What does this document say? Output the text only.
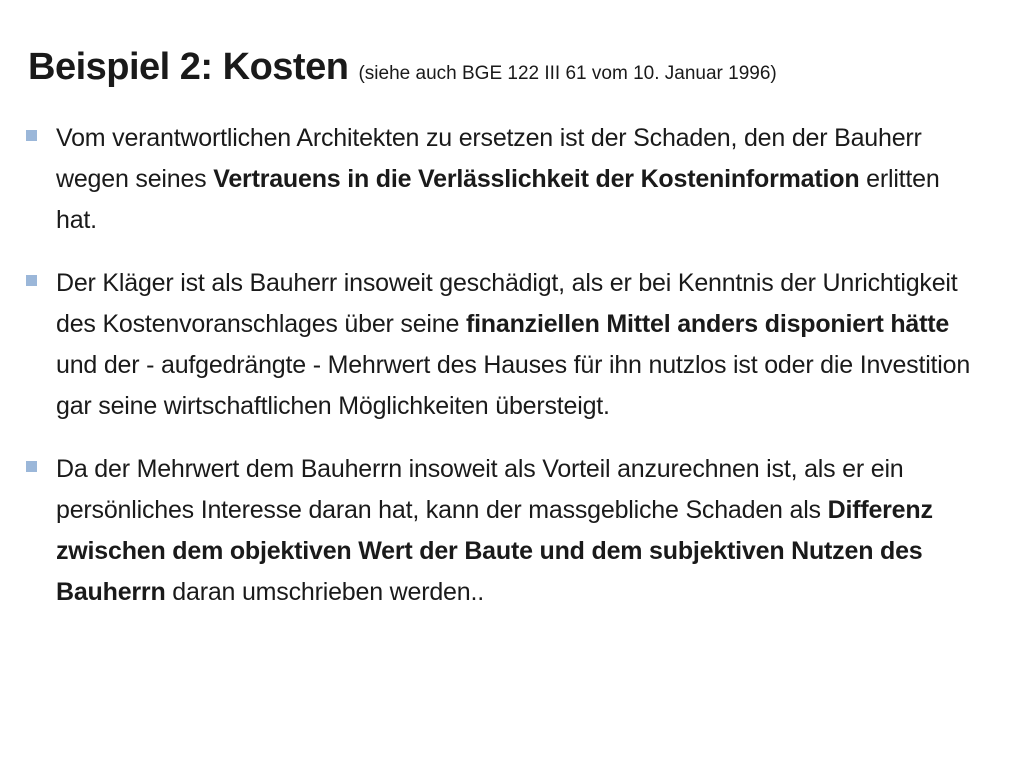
Beispiel 2: Kosten (siehe auch BGE 122 III 61 vom 10. Januar 1996)
Vom verantwortlichen Architekten zu ersetzen ist der Schaden, den der Bauherr wegen seines Vertrauens in die Verlässlichkeit der Kosteninformation erlitten hat.
Der Kläger ist als Bauherr insoweit geschädigt, als er bei Kenntnis der Unrichtigkeit des Kostenvoranschlages über seine finanziellen Mittel anders disponiert hätte und der - aufgedrängte - Mehrwert des Hauses für ihn nutzlos ist oder die Investition gar seine wirtschaftlichen Möglichkeiten übersteigt.
Da der Mehrwert dem Bauherrn insoweit als Vorteil anzurechnen ist, als er ein persönliches Interesse daran hat, kann der massgebliche Schaden als Differenz zwischen dem objektiven Wert der Baute und dem subjektiven Nutzen des Bauherrn daran umschrieben werden..
